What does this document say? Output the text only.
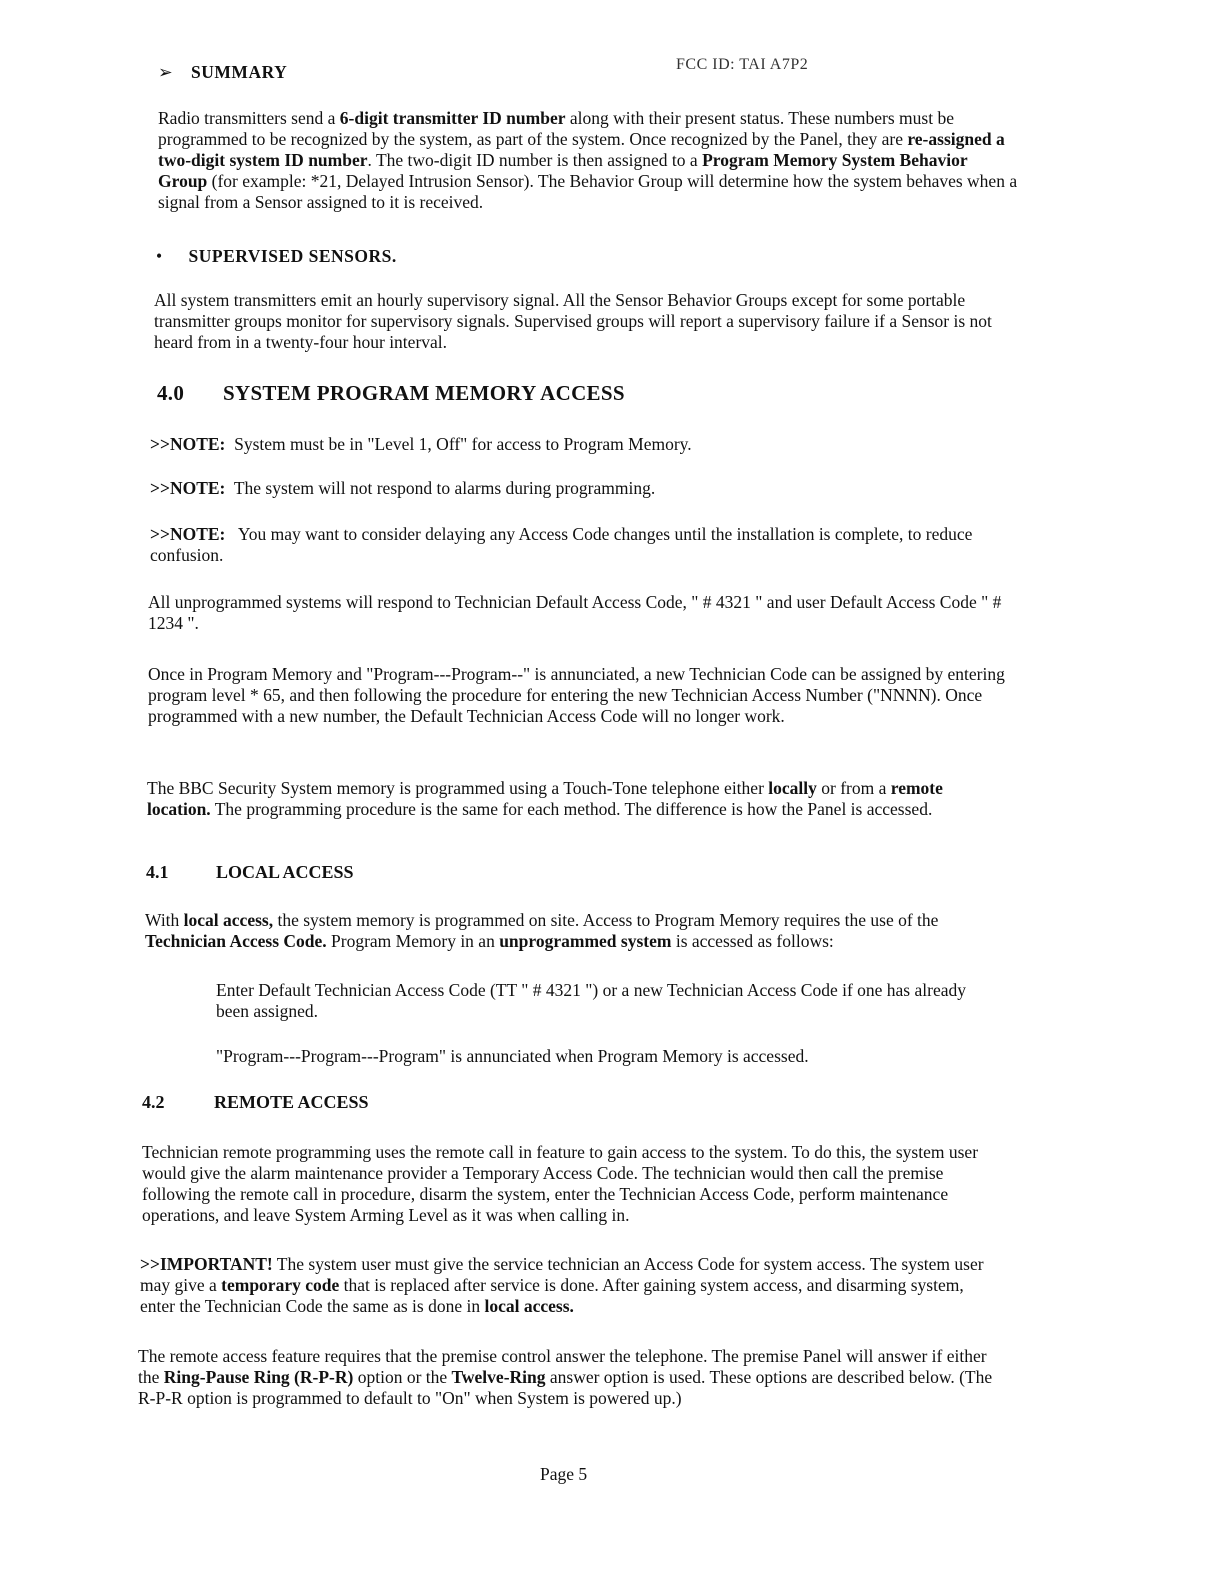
➢ SUMMARY	FCC ID: TAI A7P2
Radio transmitters send a 6-digit transmitter ID number along with their present status. These numbers must be programmed to be recognized by the system, as part of the system. Once recognized by the Panel, they are re-assigned a two-digit system ID number. The two-digit ID number is then assigned to a Program Memory System Behavior Group (for example: *21, Delayed Intrusion Sensor). The Behavior Group will determine how the system behaves when a signal from a Sensor assigned to it is received.
• SUPERVISED SENSORS.
All system transmitters emit an hourly supervisory signal. All the Sensor Behavior Groups except for some portable transmitter groups monitor for supervisory signals. Supervised groups will report a supervisory failure if a Sensor is not heard from in a twenty-four hour interval.
4.0 SYSTEM PROGRAM MEMORY ACCESS
>>NOTE: System must be in "Level 1, Off" for access to Program Memory.
>>NOTE: The system will not respond to alarms during programming.
>>NOTE: You may want to consider delaying any Access Code changes until the installation is complete, to reduce confusion.
All unprogrammed systems will respond to Technician Default Access Code, " # 4321 " and user Default Access Code " # 1234 ".
Once in Program Memory and "Program---Program--" is annunciated, a new Technician Code can be assigned by entering program level * 65, and then following the procedure for entering the new Technician Access Number ("NNNN). Once programmed with a new number, the Default Technician Access Code will no longer work.
The BBC Security System memory is programmed using a Touch-Tone telephone either locally or from a remote location. The programming procedure is the same for each method. The difference is how the Panel is accessed.
4.1	LOCAL ACCESS
With local access, the system memory is programmed on site. Access to Program Memory requires the use of the Technician Access Code. Program Memory in an unprogrammed system is accessed as follows:
Enter Default Technician Access Code (TT " # 4321 ") or a new Technician Access Code if one has already been assigned.
"Program---Program---Program" is annunciated when Program Memory is accessed.
4.2	REMOTE ACCESS
Technician remote programming uses the remote call in feature to gain access to the system. To do this, the system user would give the alarm maintenance provider a Temporary Access Code. The technician would then call the premise following the remote call in procedure, disarm the system, enter the Technician Access Code, perform maintenance operations, and leave System Arming Level as it was when calling in.
>>IMPORTANT! The system user must give the service technician an Access Code for system access. The system user may give a temporary code that is replaced after service is done. After gaining system access, and disarming system, enter the Technician Code the same as is done in local access.
The remote access feature requires that the premise control answer the telephone. The premise Panel will answer if either the Ring-Pause Ring (R-P-R) option or the Twelve-Ring answer option is used. These options are described below. (The R-P-R option is programmed to default to "On" when System is powered up.)
Page 5
